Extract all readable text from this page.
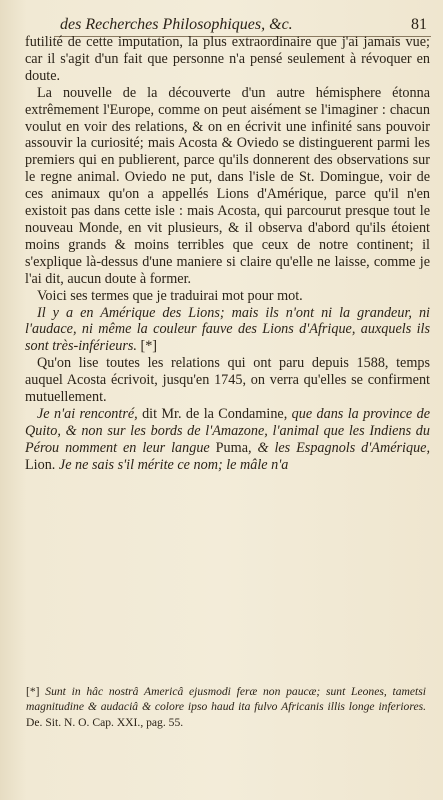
des Recherches Philosophiques, &c.	81

futilité de cette imputation, la plus extraordinaire que j'ai jamais vue; car il s'agit d'un fait que personne n'a pensé seulement à révoquer en doute.

La nouvelle de la découverte d'un autre hémisphere étonna extrêmement l'Europe, comme on peut aisément se l'imaginer : chacun voulut en voir des relations, & on en écrivit une infinité sans pouvoir assouvir la curiosité; mais Acosta & Oviedo se distinguerent parmi les premiers qui en publierent, parce qu'ils donnerent des observations sur le regne animal. Oviedo ne put, dans l'isle de St. Domingue, voir de ces animaux qu'on a appellés Lions d'Amérique, parce qu'il n'en existoit pas dans cette isle : mais Acosta, qui parcourut presque tout le nouveau Monde, en vit plusieurs, & il observa d'abord qu'ils étoient moins grands & moins terribles que ceux de notre continent; il s'explique là-dessus d'une maniere si claire qu'elle ne laisse, comme je l'ai dit, aucun doute à former.

Voici ses termes que je traduirai mot pour mot.

Il y a en Amérique des Lions; mais ils n'ont ni la grandeur, ni l'audace, ni même la couleur fauve des Lions d'Afrique, auxquels ils sont très-inférieurs. [*]

Qu'on lise toutes les relations qui ont paru depuis 1588, temps auquel Acosta écrivoit, jusqu'en 1745, on verra qu'elles se confirment mutuellement.

Je n'ai rencontré, dit Mr. de la Condamine, que dans la province de Quito, & non sur les bords de l'Amazone, l'animal que les Indiens du Pérou nomment en leur langue Puma, & les Espagnols d'Amérique, Lion. Je ne sais s'il mérite ce nom; le mâle n'a

[*] Sunt in hâc nostrâ Americâ ejusmodi feræ non paucæ; sunt Leones, tametsi magnitudine & audaciâ & colore ipso haud ita fulvo Africanis illis longe inferiores. De. Sit. N. O. Cap. XXI., pag. 55.
